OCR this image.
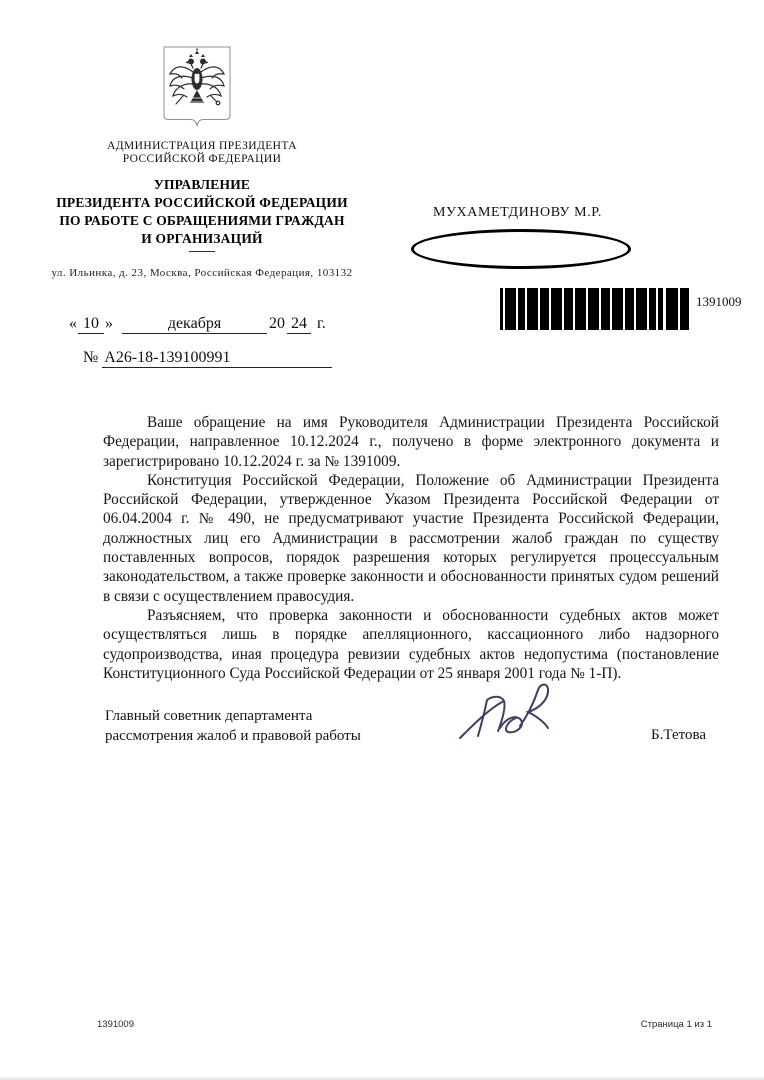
АДМИНИСТРАЦИЯ ПРЕЗИДЕНТА
РОССИЙСКОЙ ФЕДЕРАЦИИ
УПРАВЛЕНИЕ
ПРЕЗИДЕНТА РОССИЙСКОЙ ФЕДЕРАЦИИ
ПО РАБОТЕ С ОБРАЩЕНИЯМИ ГРАЖДАН
И ОРГАНИЗАЦИЙ
ул. Ильинка, д. 23, Москва, Российская Федерация, 103132
МУХАМЕТДИНОВУ М.Р.
1391009
« 10 »	декабря	20 24 г.
№ А26-18-139100991

Ваше обращение на имя Руководителя Администрации Президента Российской Федерации, направленное 10.12.2024 г., получено в форме электронного документа и зарегистрировано 10.12.2024 г. за № 1391009.

Конституция Российской Федерации, Положение об Администрации Президента Российской Федерации, утвержденное Указом Президента Российской Федерации от 06.04.2004 г. № 490, не предусматривают участие Президента Российской Федерации, должностных лиц его Администрации в рассмотрении жалоб граждан по существу поставленных вопросов, порядок разрешения которых регулируется процессуальным законодательством, а также проверке законности и обоснованности принятых судом решений в связи с осуществлением правосудия.

Разъясняем, что проверка законности и обоснованности судебных актов может осуществляться лишь в порядке апелляционного, кассационного либо надзорного судопроизводства, иная процедура ревизии судебных актов недопустима (постановление Конституционного Суда Российской Федерации от 25 января 2001 года № 1-П).

Главный советник департамента
рассмотрения жалоб и правовой работы	Б.Тетова
1391009	Страница 1 из 1
